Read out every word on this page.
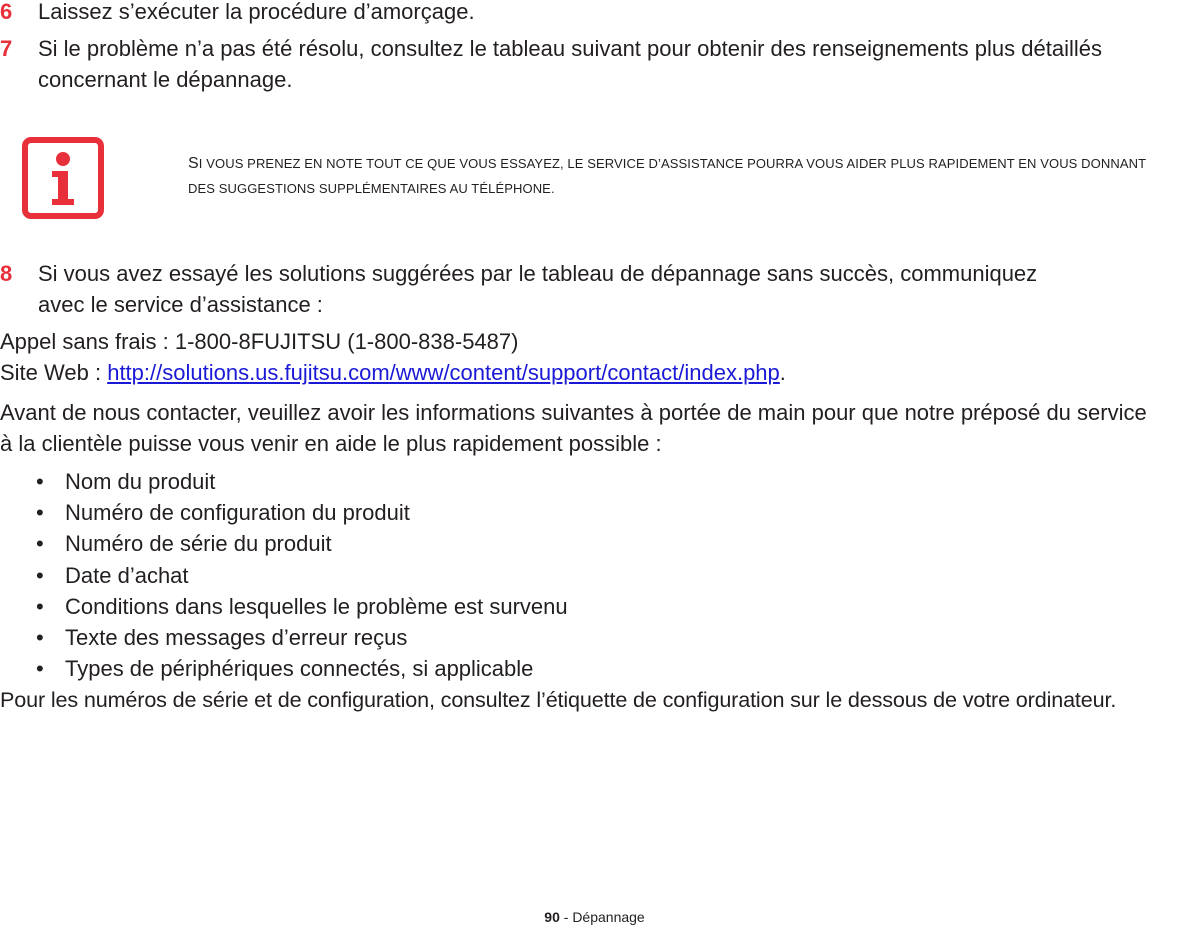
6 Laissez s’exécuter la procédure d’amorçage.
7 Si le problème n’a pas été résolu, consultez le tableau suivant pour obtenir des renseignements plus détaillés
concernant le dépannage.
SI VOUS PRENEZ EN NOTE TOUT CE QUE VOUS ESSAYEZ, LE SERVICE D’ASSISTANCE POURRA VOUS AIDER PLUS RAPIDEMENT EN VOUS DONNANT
DES SUGGESTIONS SUPPLÉMENTAIRES AU TÉLÉPHONE.
8 Si vous avez essayé les solutions suggérées par le tableau de dépannage sans succès, communiquez
avec le service d’assistance :
Appel sans frais : 1-800-8FUJITSU (1-800-838-5487)
Site Web : http://solutions.us.fujitsu.com/www/content/support/contact/index.php.
Avant de nous contacter, veuillez avoir les informations suivantes à portée de main pour que notre préposé du service
à la clientèle puisse vous venir en aide le plus rapidement possible :
• Nom du produit
• Numéro de configuration du produit
• Numéro de série du produit
• Date d’achat
• Conditions dans lesquelles le problème est survenu
• Texte des messages d’erreur reçus
• Types de périphériques connectés, si applicable
Pour les numéros de série et de configuration, consultez l’étiquette de configuration sur le dessous de votre ordinateur.
90 - Dépannage
